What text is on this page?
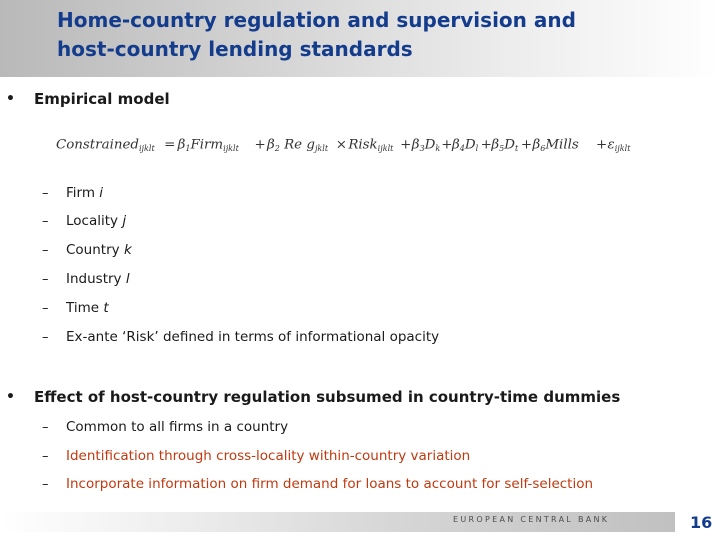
Home-country regulation and supervision and
host-country lending standards
• Empirical model
Constrained$_{ijklt}$ = $\beta_1Firm_{ijklt} + \beta_2$ Re $g_{jklt}$ × Risk$_{ijklt}$ + $\beta_3D_k + \beta_4D_l + \beta_5D_t$ + $\beta_6Mills + \varepsilon_{ijklt}$
– Firm i
– Locality j
– Country k
– Industry l
– Time t
– Ex-ante ‘Risk’ defined in terms of informational opacity
• Effect of host-country regulation subsumed in country-time dummies
– Common to all firms in a country
– Identification through cross-locality within-country variation
– Incorporate information on firm demand for loans to account for self-selection
EUROPEAN CENTRAL BANK	16
